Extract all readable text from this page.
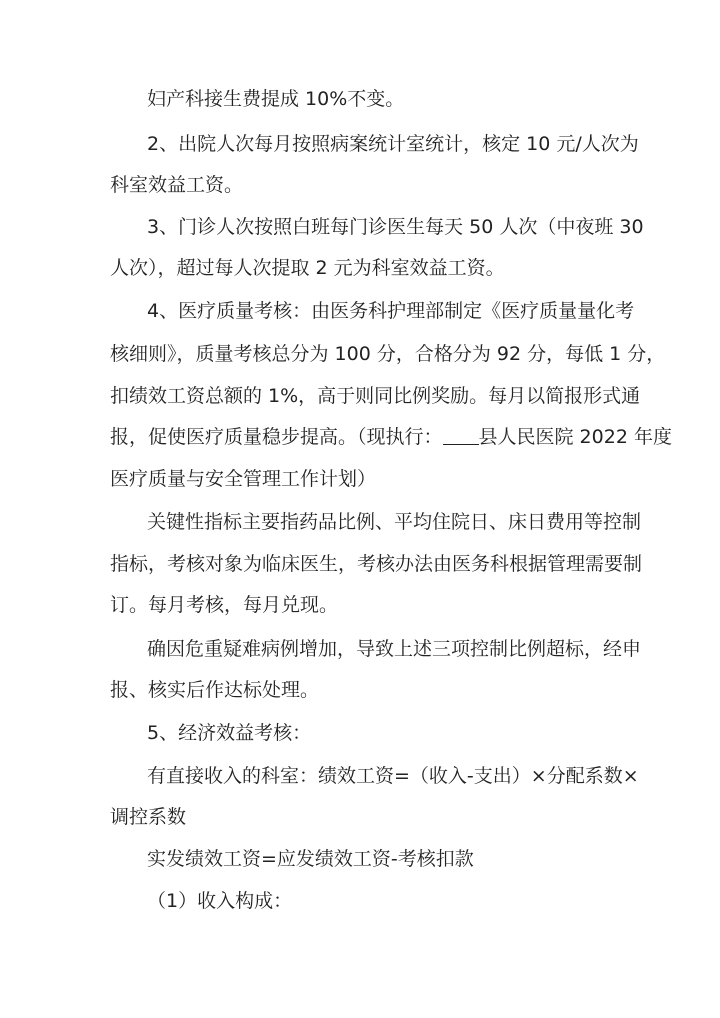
妇产科接生费提成 10%不变。
2、出院人次每月按照病案统计室统计，核定 10 元/人次为
科室效益工资。
3、门诊人次按照白班每门诊医生每天 50 人次（中夜班 30
人次），超过每人次提取 2 元为科室效益工资。
4、医疗质量考核：由医务科护理部制定《医疗质量量化考
核细则》，质量考核总分为 100 分，合格分为 92 分，每低 1 分，
扣绩效工资总额的 1%，高于则同比例奖励。每月以简报形式通
报，促使医疗质量稳步提高。（现执行： 县人民医院 2022 年度
医疗质量与安全管理工作计划）
关键性指标主要指药品比例、平均住院日、床日费用等控制
指标，考核对象为临床医生，考核办法由医务科根据管理需要制
订。每月考核，每月兑现。
确因危重疑难病例增加，导致上述三项控制比例超标，经申
报、核实后作达标处理。
5、经济效益考核：
有直接收入的科室：绩效工资=（收入-支出）×分配系数×
调控系数
实发绩效工资=应发绩效工资-考核扣款
（1）收入构成：
